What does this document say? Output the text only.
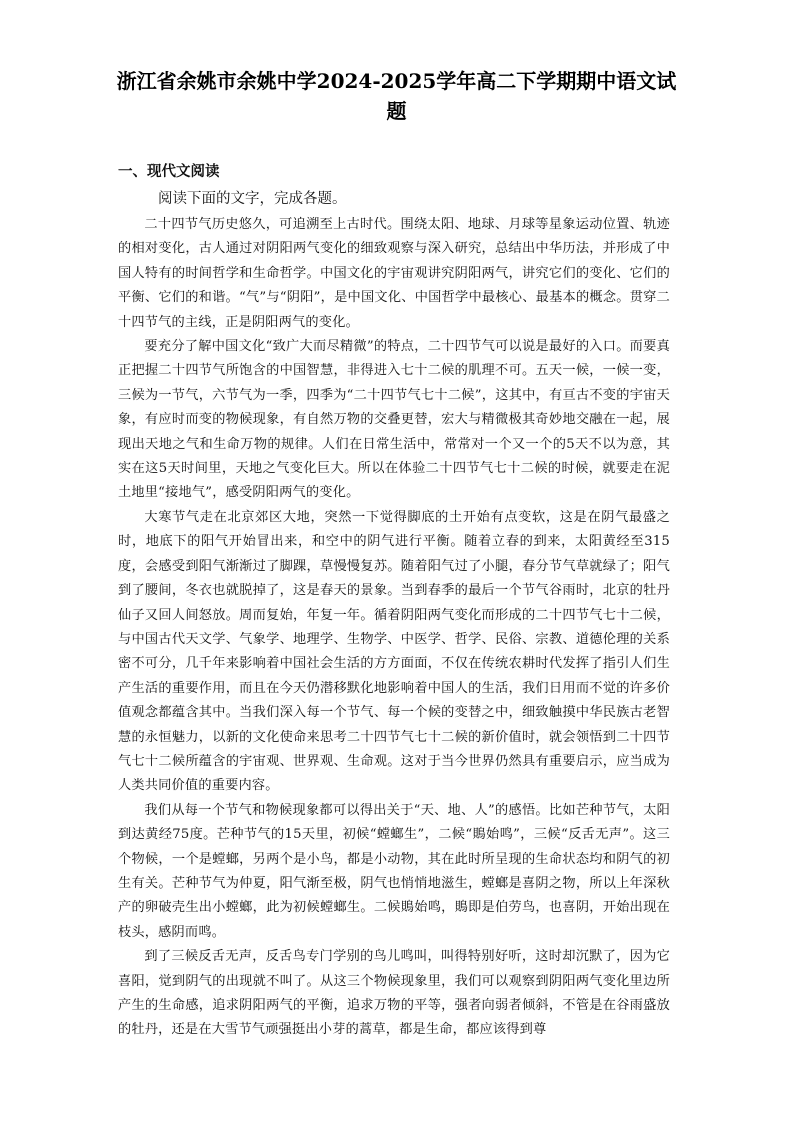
浙江省余姚市余姚中学2024-2025学年高二下学期期中语文试题
一、现代文阅读
阅读下面的文字，完成各题。

二十四节气历史悠久，可追溯至上古时代。围绕太阳、地球、月球等星象运动位置、轨迹的相对变化，古人通过对阴阳两气变化的细致观察与深入研究，总结出中华历法，并形成了中国人特有的时间哲学和生命哲学。中国文化的宇宙观讲究阴阳两气，讲究它们的变化、它们的平衡、它们的和谐。“气”与“阴阳”，是中国文化、中国哲学中最核心、最基本的概念。贯穿二十四节气的主线，正是阴阳两气的变化。

要充分了解中国文化“致广大而尽精微”的特点，二十四节气可以说是最好的入口。而要真正把握二十四节气所饱含的中国智慧，非得进入七十二候的肌理不可。五天一候，一候一变，三候为一节气，六节气为一季，四季为“二十四节气七十二候”，这其中，有亘古不变的宇宙天象，有应时而变的物候现象，有自然万物的交叠更替，宏大与精微极其奇妙地交融在一起，展现出天地之气和生命万物的规律。人们在日常生活中，常常对一个又一个的5天不以为意，其实在这5天时间里，天地之气变化巨大。所以在体验二十四节气七十二候的时候，就要走在泥土地里“接地气”，感受阴阳两气的变化。

大寒节气走在北京郊区大地，突然一下觉得脚底的土开始有点变软，这是在阴气最盛之时，地底下的阳气开始冒出来，和空中的阴气进行平衡。随着立春的到来，太阳黄经至315度，会感受到阳气渐渐过了脚踝，草慢慢复苏。随着阳气过了小腿，春分节气草就绿了；阳气到了腰间，冬衣也就脱掉了，这是春天的景象。当到春季的最后一个节气谷雨时，北京的牡丹仙子又回人间怒放。周而复始，年复一年。循着阴阳两气变化而形成的二十四节气七十二候，与中国古代天文学、气象学、地理学、生物学、中医学、哲学、民俗、宗教、道德伦理的关系密不可分，几千年来影响着中国社会生活的方方面面，不仅在传统农耕时代发挥了指引人们生产生活的重要作用，而且在今天仍潜移默化地影响着中国人的生活，我们日用而不觉的许多价值观念都蕴含其中。当我们深入每一个节气、每一个候的变替之中，细致触摸中华民族古老智慧的永恒魅力，以新的文化使命来思考二十四节气七十二候的新价值时，就会领悟到二十四节气七十二候所蕴含的宇宙观、世界观、生命观。这对于当今世界仍然具有重要启示，应当成为人类共同价值的重要内容。

我们从每一个节气和物候现象都可以得出关于“天、地、人”的感悟。比如芒种节气，太阳到达黄经75度。芒种节气的15天里，初候“螳螂生”，二候“鵙始鸣”，三候“反舌无声”。这三个物候，一个是螳螂，另两个是小鸟，都是小动物，其在此时所呈现的生命状态均和阴气的初生有关。芒种节气为仲夏，阳气渐至极，阴气也悄悄地滋生，螳螂是喜阴之物，所以上年深秋产的卵破壳生出小螳螂，此为初候螳螂生。二候鵙始鸣，鵙即是伯劳鸟，也喜阴，开始出现在枝头，感阴而鸣。

到了三候反舌无声，反舌鸟专门学别的鸟儿鸣叫，叫得特别好听，这时却沉默了，因为它喜阳，觉到阴气的出现就不叫了。从这三个物候现象里，我们可以观察到阴阳两气变化里边所产生的生命感，追求阴阳两气的平衡，追求万物的平等，强者向弱者倾斜，不管是在谷雨盛放的牡丹，还是在大雪节气顽强挺出小芽的蒿草，都是生命，都应该得到尊
